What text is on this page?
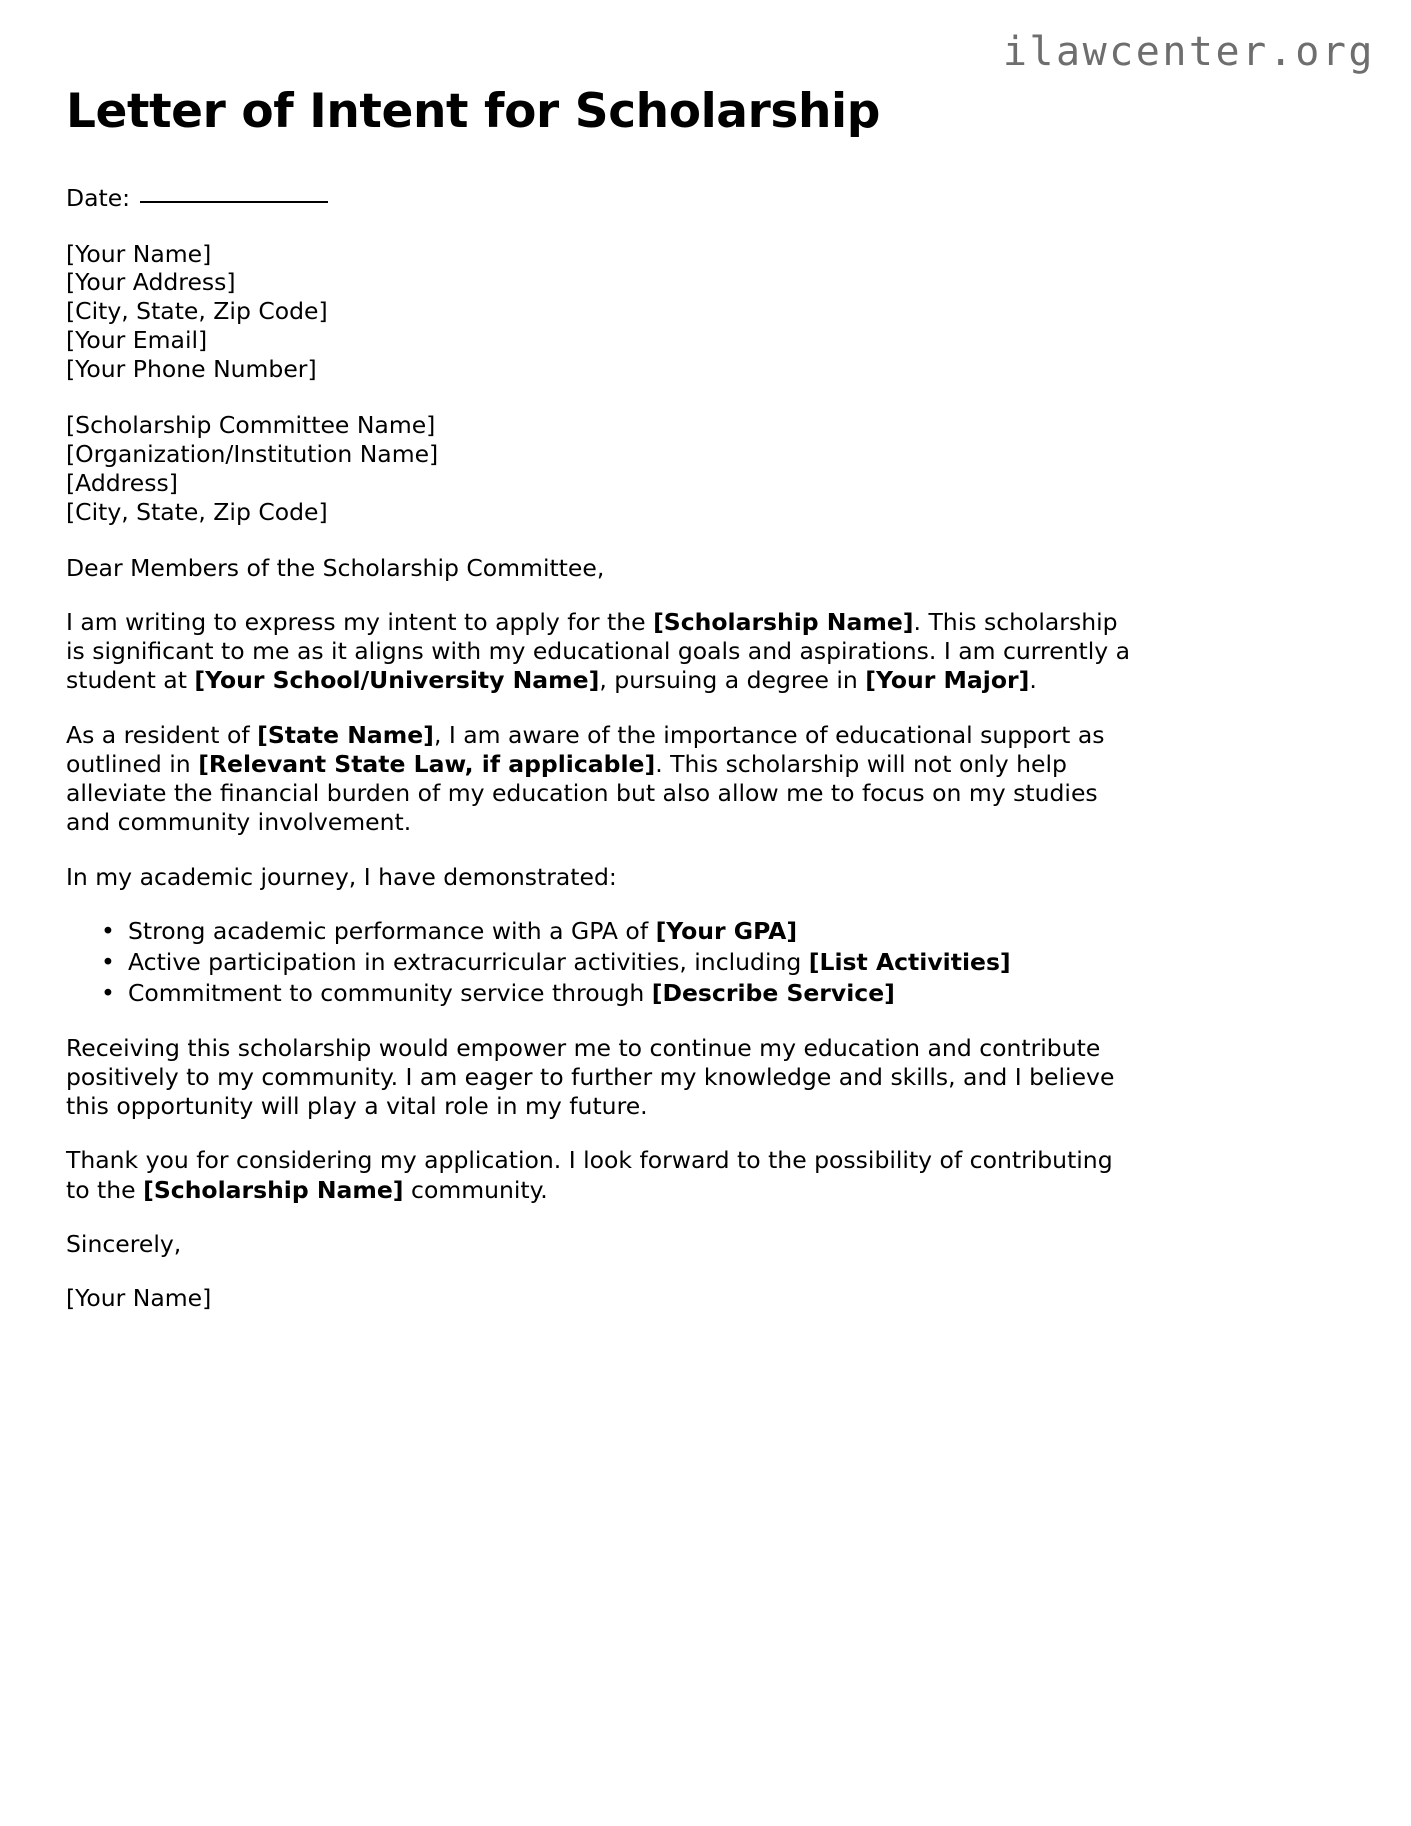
ilawcenter.org
Letter of Intent for Scholarship
Date:
[Your Name]
[Your Address]
[City, State, Zip Code]
[Your Email]
[Your Phone Number]
[Scholarship Committee Name]
[Organization/Institution Name]
[Address]
[City, State, Zip Code]

Dear Members of the Scholarship Committee,

I am writing to express my intent to apply for the [Scholarship Name]. This scholarship is significant to me as it aligns with my educational goals and aspirations. I am currently a student at [Your School/University Name], pursuing a degree in [Your Major].

As a resident of [State Name], I am aware of the importance of educational support as outlined in [Relevant State Law, if applicable]. This scholarship will not only help alleviate the financial burden of my education but also allow me to focus on my studies and community involvement.

In my academic journey, I have demonstrated:

• Strong academic performance with a GPA of [Your GPA]
• Active participation in extracurricular activities, including [List Activities]
• Commitment to community service through [Describe Service]

Receiving this scholarship would empower me to continue my education and contribute positively to my community. I am eager to further my knowledge and skills, and I believe this opportunity will play a vital role in my future.

Thank you for considering my application. I look forward to the possibility of contributing to the [Scholarship Name] community.

Sincerely,

[Your Name]
